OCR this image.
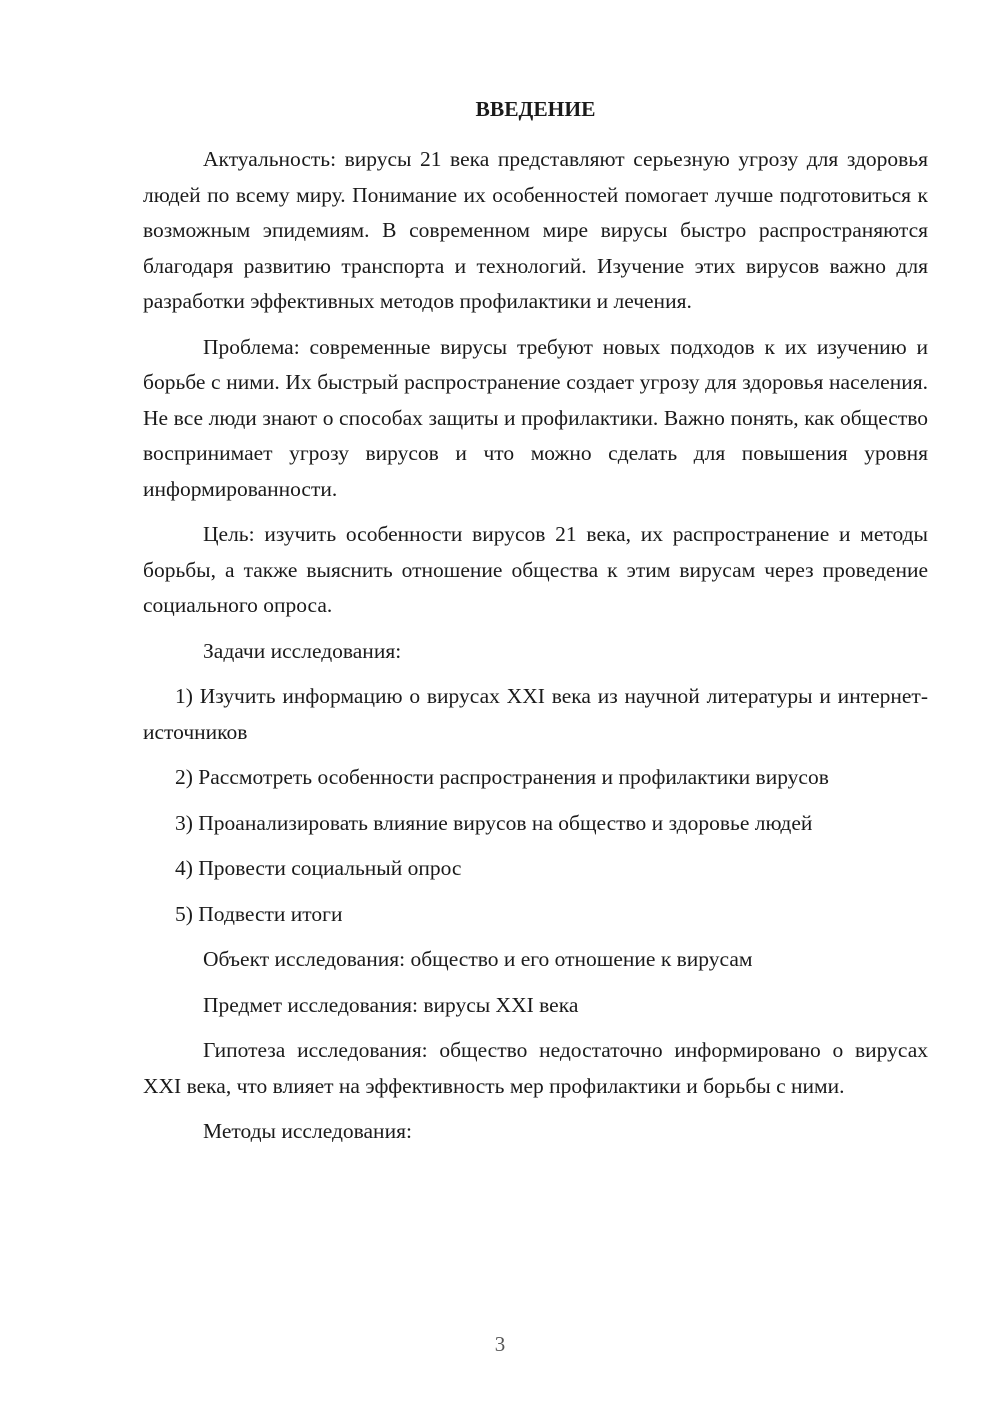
ВВЕДЕНИЕ

Актуальность: вирусы 21 века представляют серьезную угрозу для здоровья людей по всему миру. Понимание их особенностей помогает лучше подготовиться к возможным эпидемиям. В современном мире вирусы быстро распространяются благодаря развитию транспорта и технологий. Изучение этих вирусов важно для разработки эффективных методов профилактики и лечения.

Проблема: современные вирусы требуют новых подходов к их изучению и борьбе с ними. Их быстрый распространение создает угрозу для здоровья населения. Не все люди знают о способах защиты и профилактики. Важно понять, как общество воспринимает угрозу вирусов и что можно сделать для повышения уровня информированности.

Цель: изучить особенности вирусов 21 века, их распространение и методы борьбы, а также выяснить отношение общества к этим вирусам через проведение социального опроса.

Задачи исследования:

1) Изучить информацию о вирусах XXI века из научной литературы и интернет-источников

2) Рассмотреть особенности распространения и профилактики вирусов

3) Проанализировать влияние вирусов на общество и здоровье людей

4) Провести социальный опрос

5) Подвести итоги

Объект исследования: общество и его отношение к вирусам

Предмет исследования: вирусы XXI века

Гипотеза исследования: общество недостаточно информировано о вирусах XXI века, что влияет на эффективность мер профилактики и борьбы с ними.

Методы исследования:

3
